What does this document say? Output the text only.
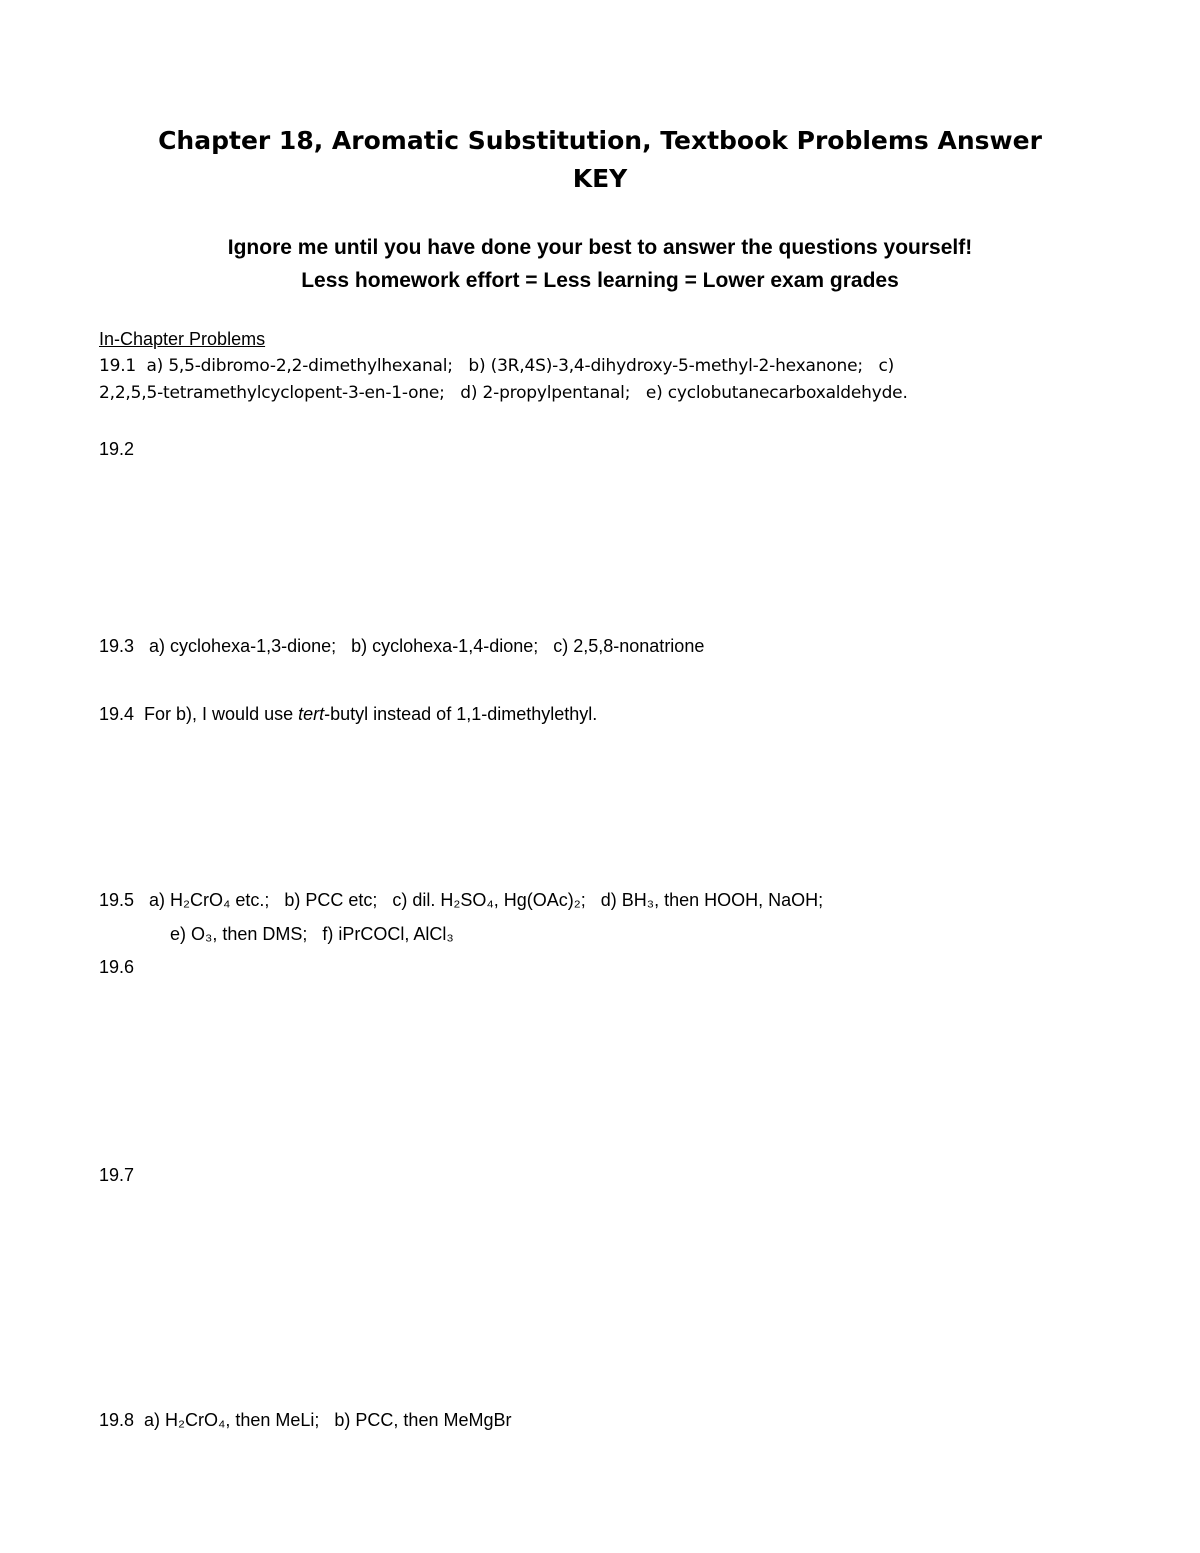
Chapter 18, Aromatic Substitution, Textbook Problems Answer
KEY
Ignore me until you have done your best to answer the questions yourself!
Less homework effort = Less learning = Lower exam grades
In-Chapter Problems
19.1  a) 5,5-dibromo-2,2-dimethylhexanal;   b) (3R,4S)-3,4-dihydroxy-5-methyl-2-hexanone;   c)
2,2,5,5-tetramethylcyclopent-3-en-1-one;   d) 2-propylpentanal;   e) cyclobutanecarboxaldehyde.
19.2
19.3   a) cyclohexa-1,3-dione;   b) cyclohexa-1,4-dione;   c) 2,5,8-nonatrione
19.4  For b), I would use tert-butyl instead of 1,1-dimethylethyl.
19.5   a) H₂CrO₄ etc.;   b) PCC etc;   c) dil. H₂SO₄, Hg(OAc)₂;   d) BH₃, then HOOH, NaOH;
e) O₃, then DMS;   f) iPrCOCl, AlCl₃
19.6
19.7
19.8  a) H₂CrO₄, then MeLi;   b) PCC, then MeMgBr
